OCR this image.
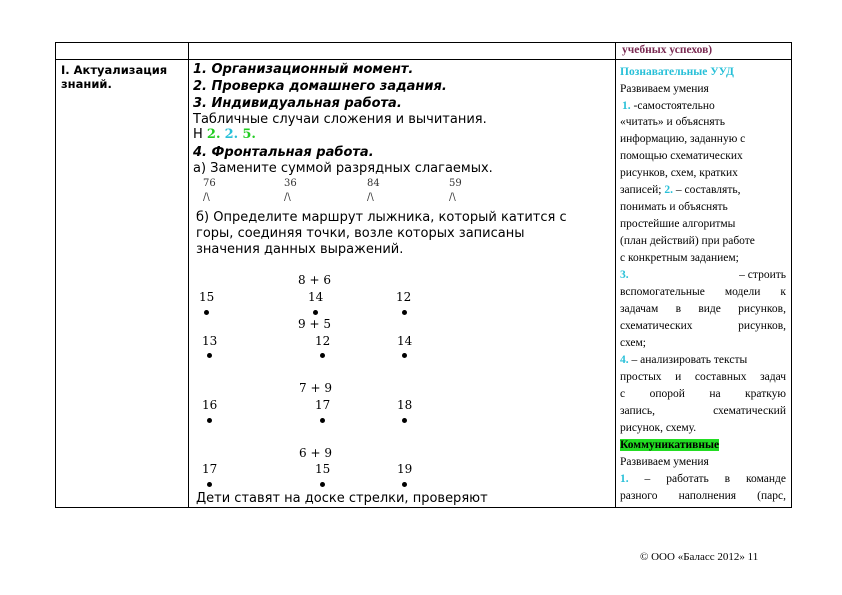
учебных успехов)
I. Актуализация знаний.
1. Организационный момент.
2. Проверка домашнего задания.
3. Индивидуальная работа.
Табличные случаи сложения и вычитания.
Н 2. 2. 5.
4. Фронтальная работа.
а) Замените суммой разрядных слагаемых.
76	36	84	59
/\	/\	/\	/\
б) Определите маршрут лыжника, который катится с
горы, соединяя точки, возле которых записаны
значения данных выражений.
8 + 6
15	14	12
9 + 5
13	12	14
7 + 9
16	17	18
6 + 9
17	15	19
Дети ставят на доске стрелки, проверяют
Познавательные УУД
Развиваем умения
1. -самостоятельно
«читать» и объяснять
информацию, заданную с
помощью схематических
рисунков, схем, кратких
записей; 2. – составлять,
понимать и объяснять
простейшие алгоритмы
(план действий) при работе
с конкретным заданием;
3.	– строить
вспомогательные модели к
задачам в виде рисунков,
схематических рисунков,
схем;
4. – анализировать тексты
простых и составных задач
с опорой на краткую
запись, схематический
рисунок, схему.
Коммуникативные
Развиваем умения
1. – работать в команде
разного наполнения (парс,
© ООО «Баласс 2012» 11
